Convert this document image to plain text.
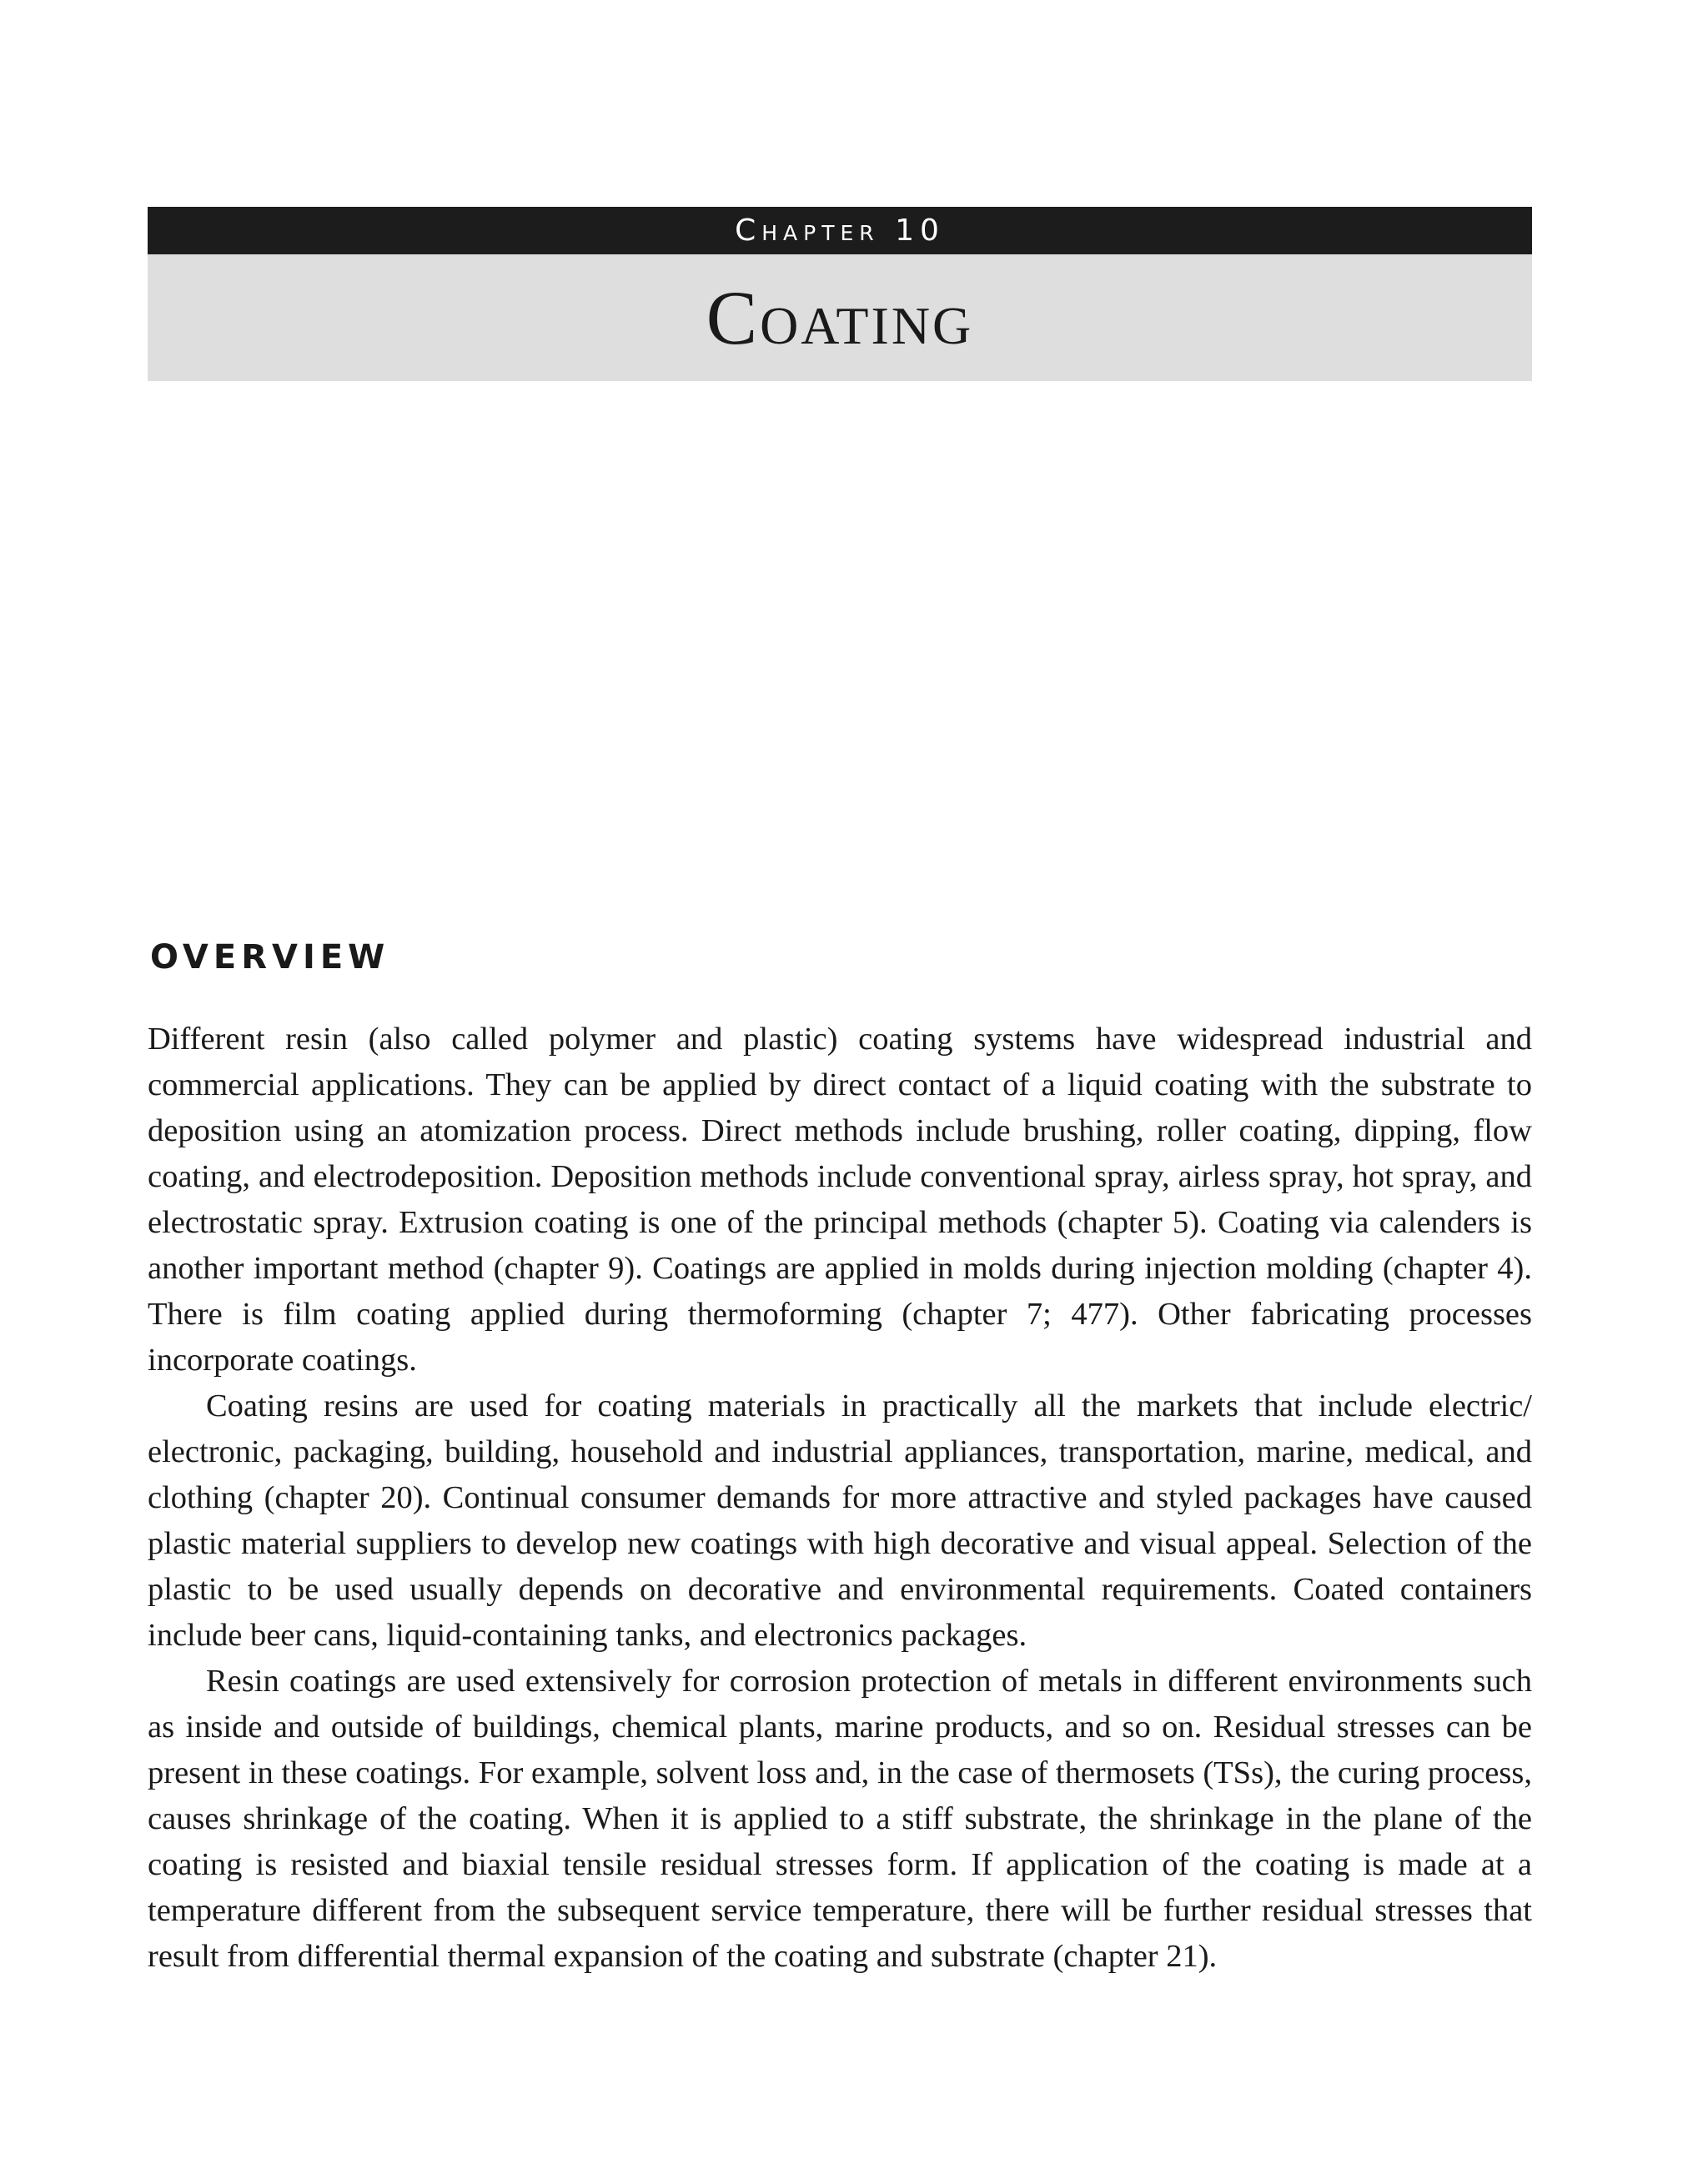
Chapter 10
Coating
OVERVIEW

Different resin (also called polymer and plastic) coating systems have widespread industrial and commercial applications. They can be applied by direct contact of a liquid coating with the substrate to deposition using an atomization process. Direct methods include brushing, roller coating, dipping, flow coating, and electrodeposition. Deposition methods include conventional spray, airless spray, hot spray, and electrostatic spray. Extrusion coating is one of the principal methods (chapter 5). Coating via calenders is another important method (chapter 9). Coatings are applied in molds during injection molding (chapter 4). There is film coating applied during thermoforming (chapter 7; 477). Other fabricating processes incorporate coatings.

Coating resins are used for coating materials in practically all the markets that include electric/​electronic, packaging, building, household and industrial appliances, transportation, marine, medical, and clothing (chapter 20). Continual consumer demands for more attractive and styled packages have caused plastic material suppliers to develop new coatings with high decorative and visual appeal. Selection of the plastic to be used usually depends on decorative and environmental requirements. Coated containers include beer cans, liquid-containing tanks, and electronics packages.

Resin coatings are used extensively for corrosion protection of metals in different environments such as inside and outside of buildings, chemical plants, marine products, and so on. Residual stresses can be present in these coatings. For example, solvent loss and, in the case of thermosets (TSs), the curing process, causes shrinkage of the coating. When it is applied to a stiff substrate, the shrinkage in the plane of the coating is resisted and biaxial tensile residual stresses form. If application of the coating is made at a temperature different from the subsequent service temperature, there will be further residual stresses that result from differential thermal expansion of the coating and substrate (chapter 21).
